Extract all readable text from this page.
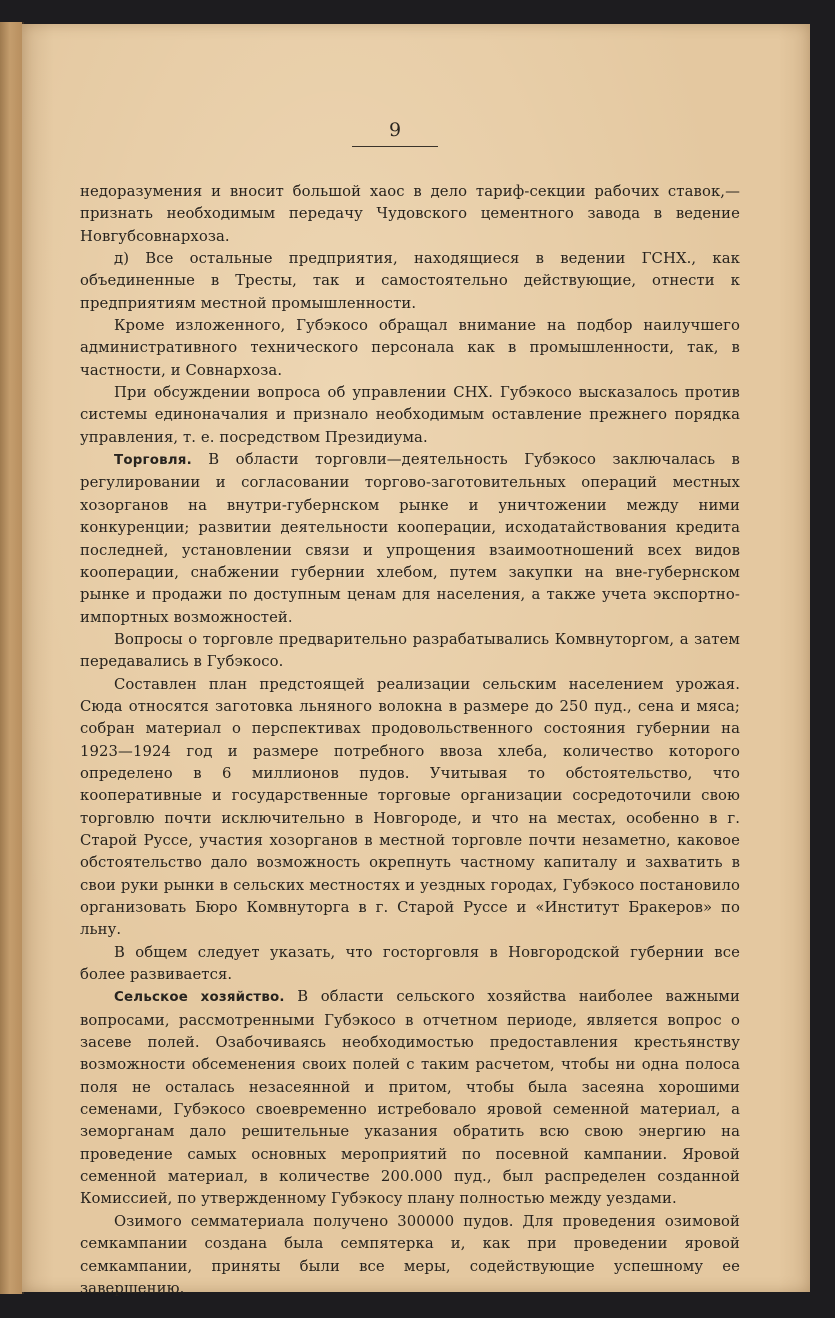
9

недоразумения и вносит большой хаос в дело тариф-секции рабочих ставок,—признать необходимым передачу Чудовского цементного завода в ведение Новгубсовнархоза.

д) Все остальные предприятия, находящиеся в ведении ГСНХ., как объединенные в Тресты, так и самостоятельно действующие, отнести к предприятиям местной промышленности.

Кроме изложенного, Губэкосо обращал внимание на подбор наилучшего административного технического персонала как в промышленности, так, в частности, и Совнархоза.

При обсуждении вопроса об управлении СНХ. Губэкосо высказалось против системы единоначалия и признало необходимым оставление прежнего порядка управления, т. е. посредством Президиума.

Торговля. В области торговли—деятельность Губэкосо заключалась в регулировании и согласовании торгово-заготовительных операций местных хозорганов на внутри-губернском рынке и уничтожении между ними конкуренции; развитии деятельности кооперации, исходатайствования кредита последней, установлении связи и упрощения взаимоотношений всех видов кооперации, снабжении губернии хлебом, путем закупки на вне-губернском рынке и продажи по доступным ценам для населения, а также учета экспортно-импортных возможностей.

Вопросы о торговле предварительно разрабатывались Комвнуторгом, а затем передавались в Губэкосо.

Составлен план предстоящей реализации сельским населением урожая. Сюда относятся заготовка льняного волокна в размере до 250 пуд., сена и мяса; собран материал о перспективах продовольственного состояния губернии на 1923—1924 год и размере потребного ввоза хлеба, количество которого определено в 6 миллионов пудов. Учитывая то обстоятельство, что кооперативные и государственные торговые организации сосредоточили свою торговлю почти исключительно в Новгороде, и что на местах, особенно в г. Старой Руссе, участия хозорганов в местной торговле почти незаметно, каковое обстоятельство дало возможность окрепнуть частному капиталу и захватить в свои руки рынки в сельских местностях и уездных городах, Губэкосо постановило организовать Бюро Комвнуторга в г. Старой Руссе и «Институт Бракеров» по льну.

В общем следует указать, что госторговля в Новгородской губернии все более развивается.

Сельское хозяйство. В области сельского хозяйства наиболее важными вопросами, рассмотренными Губэкосо в отчетном периоде, является вопрос о засеве полей. Озабочиваясь необходимостью предоставления крестьянству возможности обсеменения своих полей с таким расчетом, чтобы ни одна полоса поля не осталась незасеянной и притом, чтобы была засеяна хорошими семенами, Губэкосо своевременно истребовало яровой семенной материал, а земорганам дало решительные указания обратить всю свою энергию на проведение самых основных мероприятий по посевной кампании. Яровой семенной материал, в количестве 200.000 пуд., был распределен созданной Комиссией, по утвержденному Губэкосу плану полностью между уездами.

Озимого семматериала получено 300000 пудов. Для проведения озимовой семкампании создана была семпятерка и, как при проведении яровой семкампании, приняты были все меры, содействующие успешному ее завершению.
